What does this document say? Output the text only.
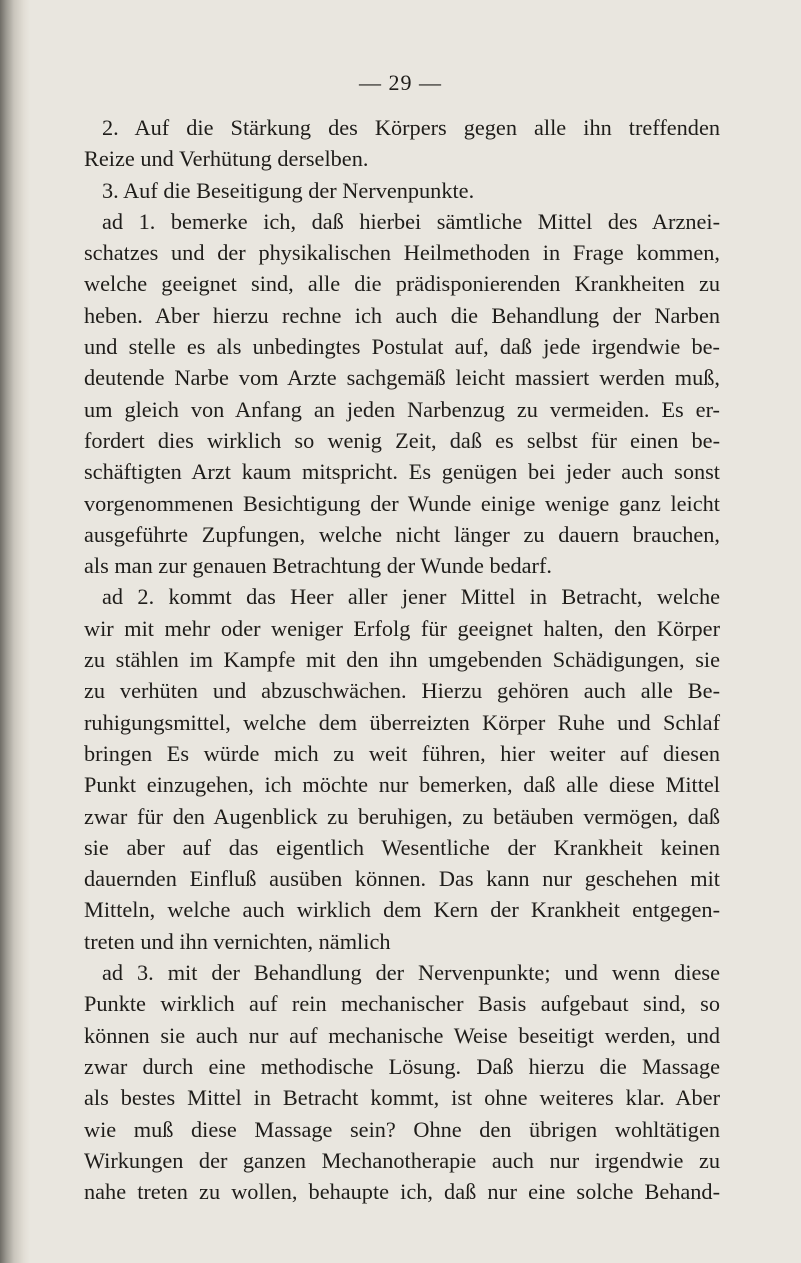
— 29 —
2. Auf die Stärkung des Körpers gegen alle ihn treffenden
Reize und Verhütung derselben.
3. Auf die Beseitigung der Nervenpunkte.
ad 1. bemerke ich, daß hierbei sämtliche Mittel des Arznei-
schatzes und der physikalischen Heilmethoden in Frage kommen,
welche geeignet sind, alle die prädisponierenden Krankheiten zu
heben. Aber hierzu rechne ich auch die Behandlung der Narben
und stelle es als unbedingtes Postulat auf, daß jede irgendwie be-
deutende Narbe vom Arzte sachgemäß leicht massiert werden muß,
um gleich von Anfang an jeden Narbenzug zu vermeiden. Es er-
fordert dies wirklich so wenig Zeit, daß es selbst für einen be-
schäftigten Arzt kaum mitspricht. Es genügen bei jeder auch sonst
vorgenommenen Besichtigung der Wunde einige wenige ganz leicht
ausgeführte Zupfungen, welche nicht länger zu dauern brauchen,
als man zur genauen Betrachtung der Wunde bedarf.
ad 2. kommt das Heer aller jener Mittel in Betracht, welche
wir mit mehr oder weniger Erfolg für geeignet halten, den Körper
zu stählen im Kampfe mit den ihn umgebenden Schädigungen, sie
zu verhüten und abzuschwächen. Hierzu gehören auch alle Be-
ruhigungsmittel, welche dem überreizten Körper Ruhe und Schlaf
bringen Es würde mich zu weit führen, hier weiter auf diesen
Punkt einzugehen, ich möchte nur bemerken, daß alle diese Mittel
zwar für den Augenblick zu beruhigen, zu betäuben vermögen, daß
sie aber auf das eigentlich Wesentliche der Krankheit keinen
dauernden Einfluß ausüben können. Das kann nur geschehen mit
Mitteln, welche auch wirklich dem Kern der Krankheit entgegen-
treten und ihn vernichten, nämlich
ad 3. mit der Behandlung der Nervenpunkte; und wenn diese
Punkte wirklich auf rein mechanischer Basis aufgebaut sind, so
können sie auch nur auf mechanische Weise beseitigt werden, und
zwar durch eine methodische Lösung. Daß hierzu die Massage
als bestes Mittel in Betracht kommt, ist ohne weiteres klar. Aber
wie muß diese Massage sein? Ohne den übrigen wohltätigen
Wirkungen der ganzen Mechanotherapie auch nur irgendwie zu
nahe treten zu wollen, behaupte ich, daß nur eine solche Behand-
